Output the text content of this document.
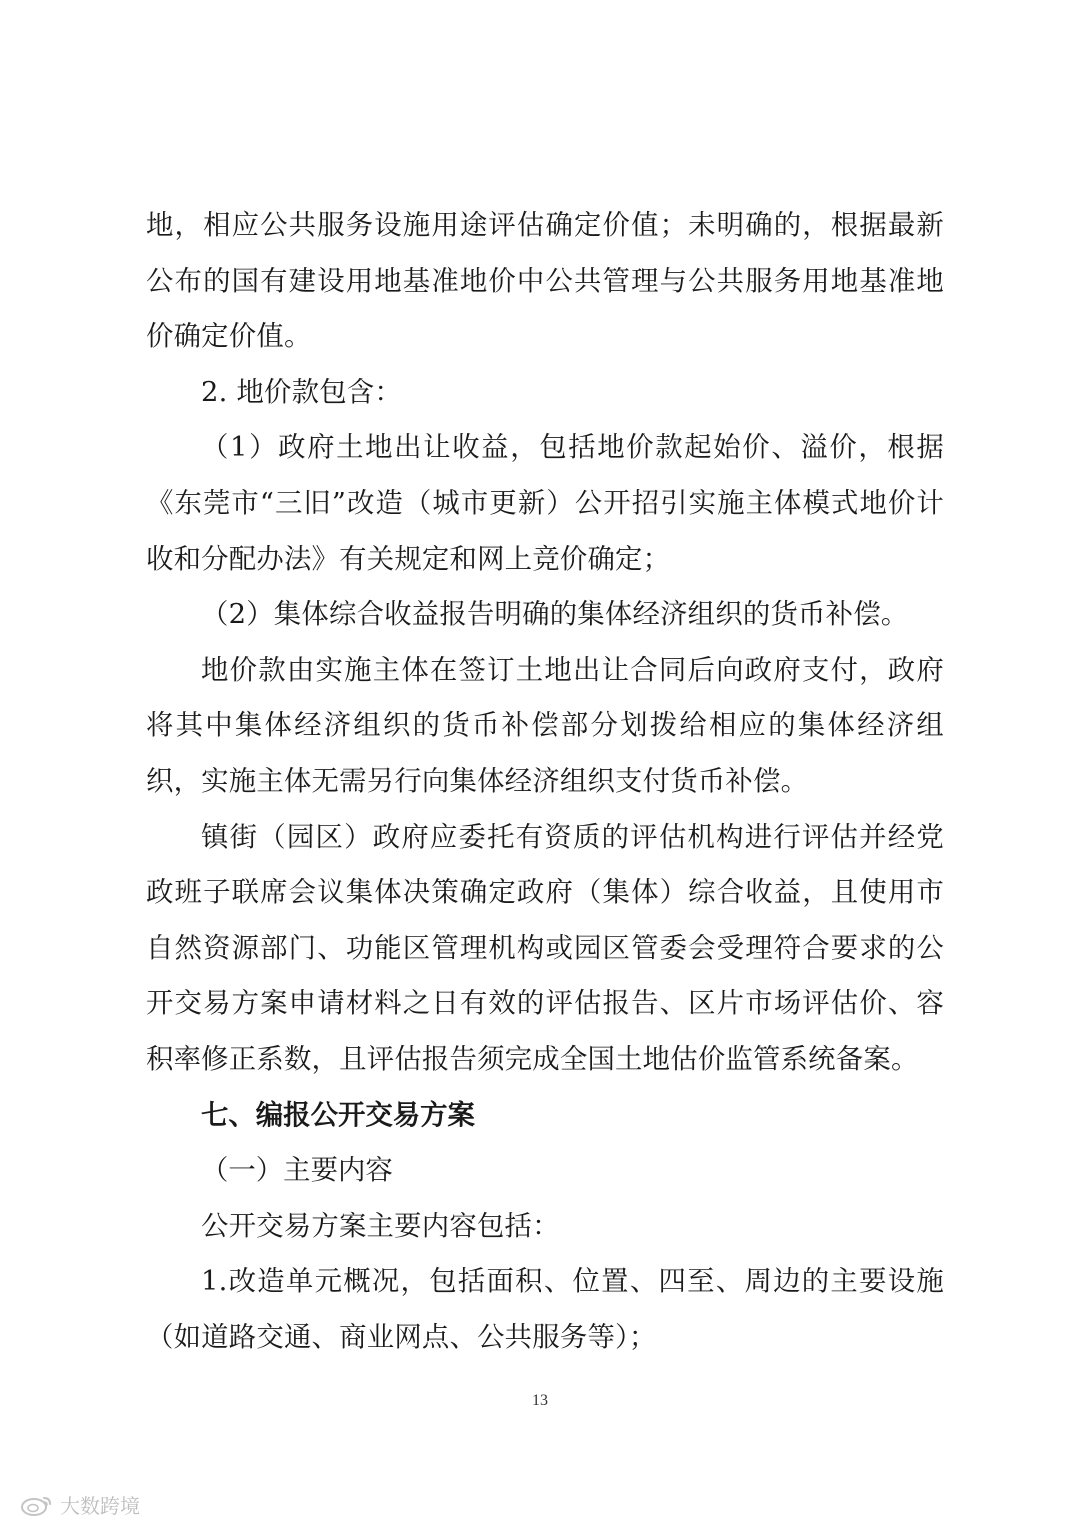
地，相应公共服务设施用途评估确定价值；未明确的，根据最新公布的国有建设用地基准地价中公共管理与公共服务用地基准地价确定价值。

2. 地价款包含：

（1）政府土地出让收益，包括地价款起始价、溢价，根据《东莞市“三旧”改造（城市更新）公开招引实施主体模式地价计收和分配办法》有关规定和网上竞价确定；

（2）集体综合收益报告明确的集体经济组织的货币补偿。

地价款由实施主体在签订土地出让合同后向政府支付，政府将其中集体经济组织的货币补偿部分划拨给相应的集体经济组织，实施主体无需另行向集体经济组织支付货币补偿。

镇街（园区）政府应委托有资质的评估机构进行评估并经党政班子联席会议集体决策确定政府（集体）综合收益，且使用市自然资源部门、功能区管理机构或园区管委会受理符合要求的公开交易方案申请材料之日有效的评估报告、区片市场评估价、容积率修正系数，且评估报告须完成全国土地估价监管系统备案。

七、编报公开交易方案

（一）主要内容

公开交易方案主要内容包括：

1.改造单元概况，包括面积、位置、四至、周边的主要设施（如道路交通、商业网点、公共服务等）；

13
大数跨境
